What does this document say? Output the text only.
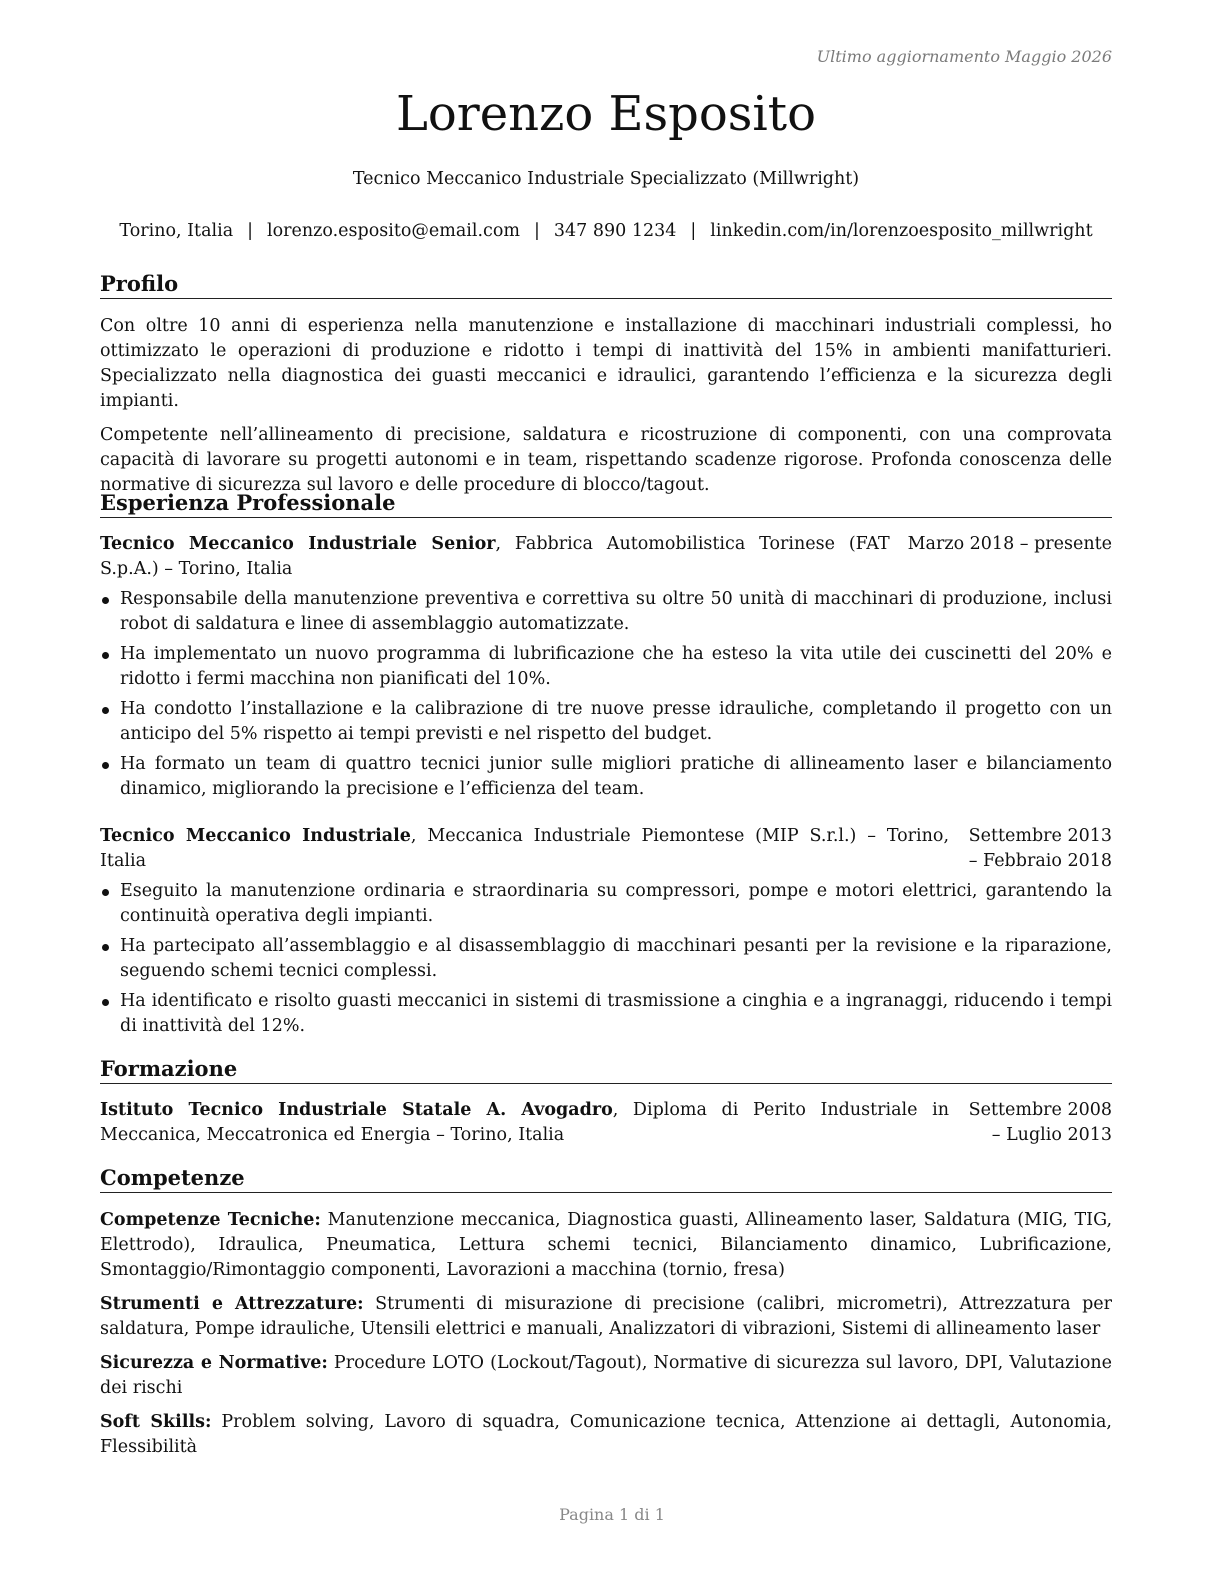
Ultimo aggiornamento Maggio 2026

Lorenzo Esposito

Tecnico Meccanico Industriale Specializzato (Millwright)

Torino, Italia | lorenzo.esposito@email.com | 347 890 1234 | linkedin.com/in/lorenzoesposito_millwright

Profilo

Con oltre 10 anni di esperienza nella manutenzione e installazione di macchinari industriali complessi, ho ottimizzato le operazioni di produzione e ridotto i tempi di inattività del 15% in ambienti manifatturieri. Specializzato nella diagnostica dei guasti meccanici e idraulici, garantendo l’efficienza e la sicurezza degli impianti.

Competente nell’allineamento di precisione, saldatura e ricostruzione di componenti, con una comprovata capacità di lavorare su progetti autonomi e in team, rispettando scadenze rigorose. Profonda conoscenza delle normative di sicurezza sul lavoro e delle procedure di blocco/tagout.

Esperienza Professionale
Tecnico Meccanico Industriale Senior, Fabbrica Automobilistica Torinese (FAT S.p.A.) – Torino, Italia
Marzo 2018 – presente
Responsabile della manutenzione preventiva e correttiva su oltre 50 unità di macchinari di produzione, inclusi robot di saldatura e linee di assemblaggio automatizzate.
Ha implementato un nuovo programma di lubrificazione che ha esteso la vita utile dei cuscinetti del 20% e ridotto i fermi macchina non pianificati del 10%.
Ha condotto l’installazione e la calibrazione di tre nuove presse idrauliche, completando il progetto con un anticipo del 5% rispetto ai tempi previsti e nel rispetto del budget.
Ha formato un team di quattro tecnici junior sulle migliori pratiche di allineamento laser e bilanciamento dinamico, migliorando la precisione e l’efficienza del team.
Tecnico Meccanico Industriale, Meccanica Industriale Piemontese (MIP S.r.l.) – Torino, Italia
Settembre 2013 – Febbraio 2018
Eseguito la manutenzione ordinaria e straordinaria su compressori, pompe e motori elettrici, garantendo la continuità operativa degli impianti.
Ha partecipato all’assemblaggio e al disassemblaggio di macchinari pesanti per la revisione e la riparazione, seguendo schemi tecnici complessi.
Ha identificato e risolto guasti meccanici in sistemi di trasmissione a cinghia e a ingranaggi, riducendo i tempi di inattività del 12%.
Formazione
Istituto Tecnico Industriale Statale A. Avogadro, Diploma di Perito Industriale in Meccanica, Meccatronica ed Energia – Torino, Italia
Settembre 2008 – Luglio 2013
Competenze

Competenze Tecniche: Manutenzione meccanica, Diagnostica guasti, Allineamento laser, Saldatura (MIG, TIG, Elettrodo), Idraulica, Pneumatica, Lettura schemi tecnici, Bilanciamento dinamico, Lubrificazione, Smontaggio/Rimontaggio componenti, Lavorazioni a macchina (tornio, fresa)

Strumenti e Attrezzature: Strumenti di misurazione di precisione (calibri, micrometri), Attrezzatura per saldatura, Pompe idrauliche, Utensili elettrici e manuali, Analizzatori di vibrazioni, Sistemi di allineamento laser

Sicurezza e Normative: Procedure LOTO (Lockout/Tagout), Normative di sicurezza sul lavoro, DPI, Valutazione dei rischi

Soft Skills: Problem solving, Lavoro di squadra, Comunicazione tecnica, Attenzione ai dettagli, Autonomia, Flessibilità

Pagina 1 di 1
